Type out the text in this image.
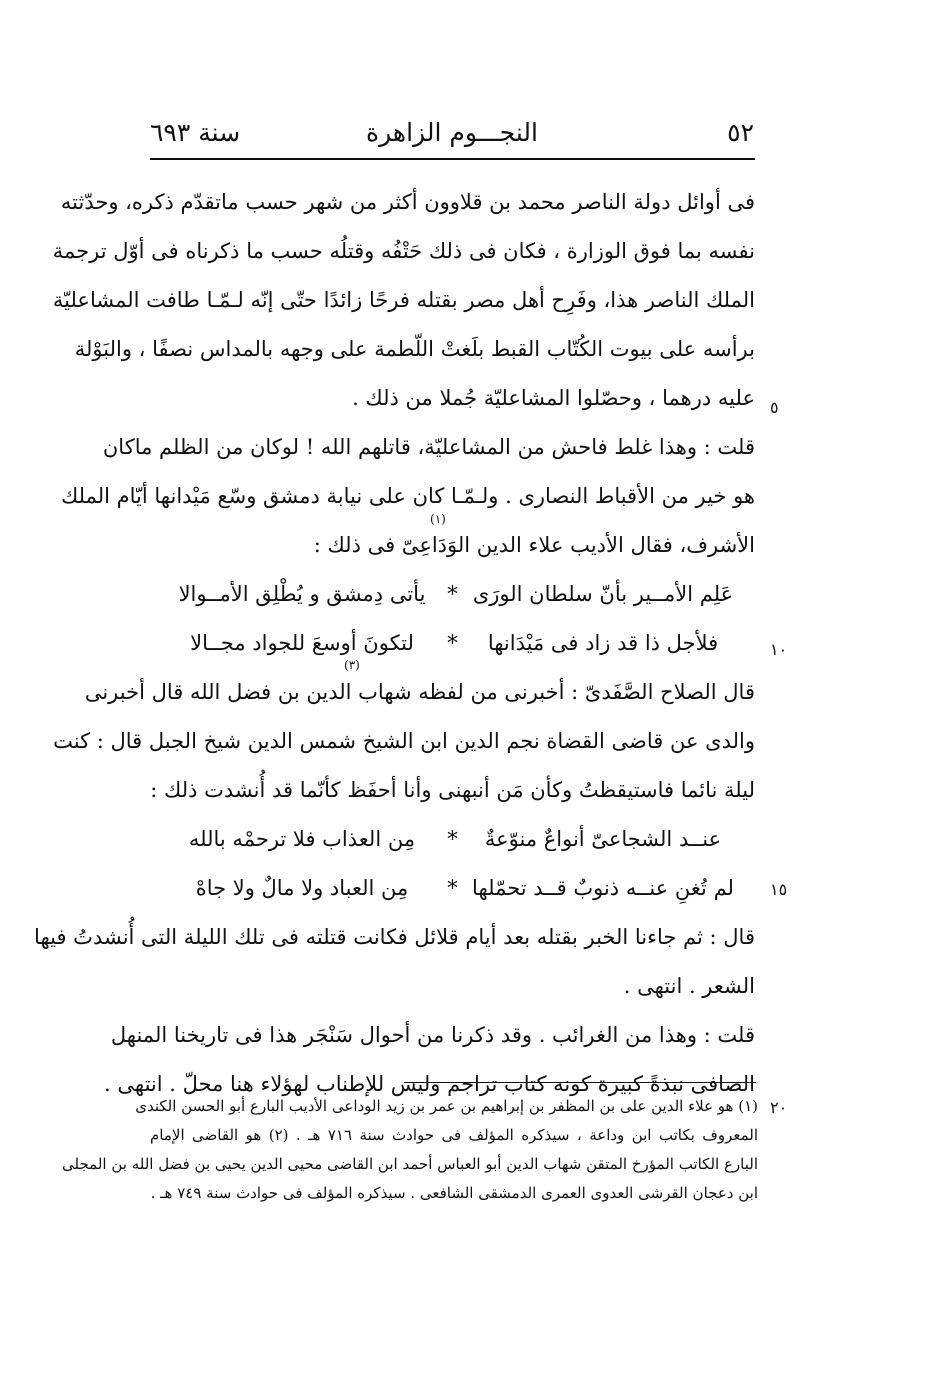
٥٢
النجـــوم الزاهرة
سنة ٦٩٣
فى أوائل دولة الناصر محمد بن قلاوون أكثر من شهر حسب ماتقدّم ذكره، وحدّثته
نفسه بما فوق الوزارة ، فكان فى ذلك حَتْفُه وقتلُه حسب ما ذكرناه فى أوّل ترجمة
الملك الناصر هذا، وفَرِح أهل مصر بقتله فرحًا زائدًا حتّى إنّه لـمّـا طافت المشاعليّة
برأسه على بيوت الكُتّاب القبط بلَغتْ اللّطمة على وجهه بالمداس نصفًا ، والبَوْلة
عليه درهما ، وحصّلوا المشاعليّة جُملا من ذلك .
قلت : وهذا غلط فاحش من المشاعليّة، قاتلهم الله ! لوكان من الظلم ماكان
هو خير من الأقباط النصارى . ولـمّـا كان على نيابة دمشق وسّع مَيْدانها أيّام الملك
الأشرف، فقال الأديب علاء الدين الوَدَاعِىّ فى ذلك :
عَلِم الأمــير بأنّ سلطان الورَى
*
يأتى دِمشق و يُطْلِق الأمــوالا
فلأجل ذا قد زاد فى مَيْدَانها
*
لتكونَ أوسعَ للجواد مجــالا
قال الصلاح الصَّفَدىّ : أخبرنى من لفظه شهاب الدين بن فضل الله قال أخبرنى
والدى عن قاضى القضاة نجم الدين ابن الشيخ شمس الدين شيخ الجبل قال : كنت
ليلة نائما فاستيقظتُ وكأن مَن أنبهنى وأنا أحفَظ كأنّما قد أُنشدت ذلك :
عنــد الشجاعىّ أنواعٌ منوّعةٌ
*
مِن العذاب فلا ترحمْه بالله
لم تُغنِ عنــه ذنوبٌ قــد تحمّلها
*
مِن العباد ولا مالٌ ولا جاهْ
قال : ثم جاءنا الخبر بقتله بعد أيام قلائل فكانت قتلته فى تلك الليلة التى أُنشدتُ فيها
الشعر . انتهى .
قلت : وهذا من الغرائب . وقد ذكرنا من أحوال سَنْجَر هذا فى تاريخنا المنهل
الصافى نبذةً كبيرة كونه كتاب تراجم وليس للإطناب لهؤلاء هنا محلّ . انتهى .
(١)
(٣)
٥
١٠
١٥
٢٠
(١) هو علاء الدين على بن المظفر بن إبراهيم بن عمر بن زيد الوداعى الأديب البارع أبو الحسن الكندى
المعروف بكاتب ابن وداعة ، سيذكره المؤلف فى حوادث سنة ٧١٦ هـ . (٢) هو القاضى الإمام
البارع الكاتب المؤرخ المتقن شهاب الدين أبو العباس أحمد ابن القاضى محيى الدين يحيى بن فضل الله بن المجلى
ابن دعجان القرشى العدوى العمرى الدمشقى الشافعى . سيذكره المؤلف فى حوادث سنة ٧٤٩ هـ .
